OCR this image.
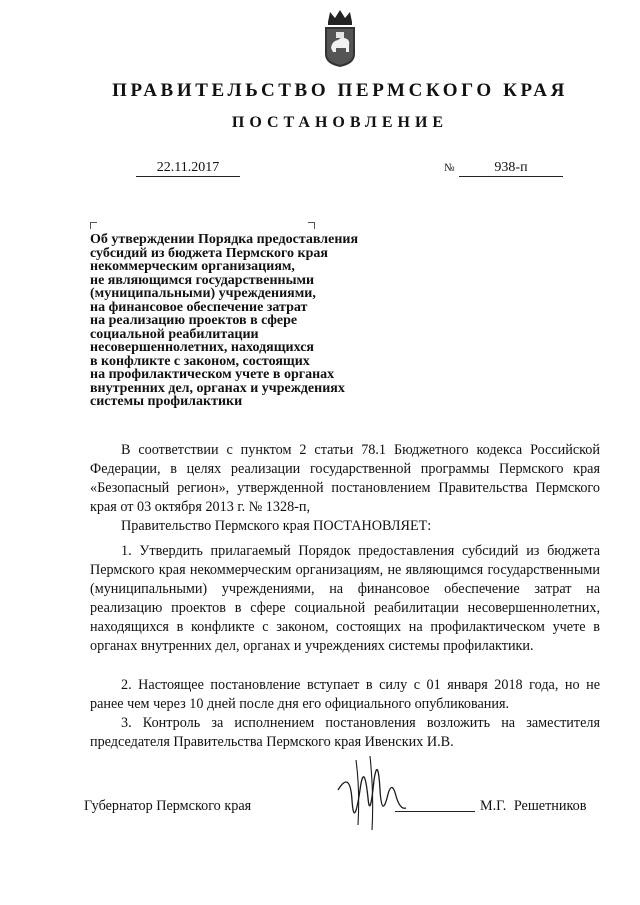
ПРАВИТЕЛЬСТВО ПЕРМСКОГО КРАЯ
ПОСТАНОВЛЕНИЕ
22.11.2017	№	938-п
Об утверждении Порядка предоставления
субсидий из бюджета Пермского края
некоммерческим организациям,
не являющимся государственными
(муниципальными) учреждениями,
на финансовое обеспечение затрат
на реализацию проектов в сфере
социальной реабилитации
несовершеннолетних, находящихся
в конфликте с законом, состоящих
на профилактическом учете в органах
внутренних дел, органах и учреждениях
системы профилактики

В соответствии с пунктом 2 статьи 78.1 Бюджетного кодекса Российской Федерации, в целях реализации государственной программы Пермского края «Безопасный регион», утвержденной постановлением Правительства Пермского края от 03 октября 2013 г. № 1328-п,

Правительство Пермского края ПОСТАНОВЛЯЕТ:

1. Утвердить прилагаемый Порядок предоставления субсидий из бюджета Пермского края некоммерческим организациям, не являющимся государственными (муниципальными) учреждениями, на финансовое обеспечение затрат на реализацию проектов в сфере социальной реабилитации несовершеннолетних, находящихся в конфликте с законом, состоящих на профилактическом учете в органах внутренних дел, органах и учреждениях системы профилактики.

2. Настоящее постановление вступает в силу с 01 января 2018 года, но не ранее чем через 10 дней после дня его официального опубликования.

3. Контроль за исполнением постановления возложить на заместителя председателя Правительства Пермского края Ивенских И.В.

Губернатор Пермского края	М.Г. Решетников
